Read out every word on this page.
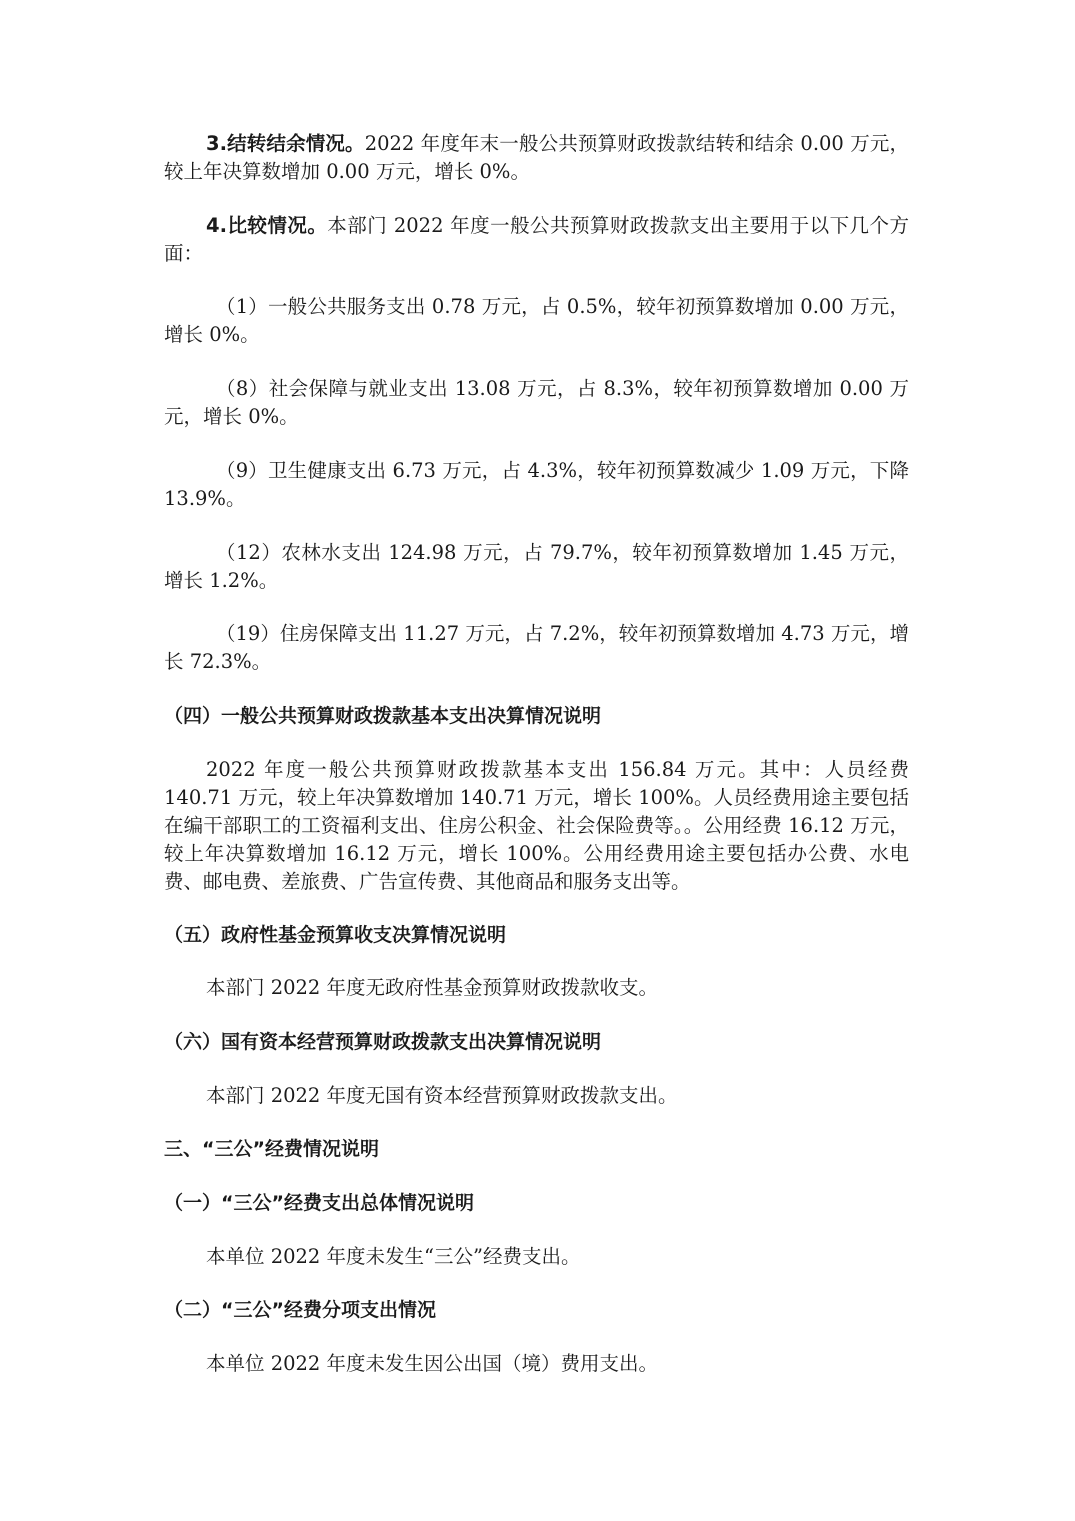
3.结转结余情况。2022 年度年末一般公共预算财政拨款结转和结余 0.00 万元，较上年决算数增加 0.00 万元，增长 0%。

4.比较情况。本部门 2022 年度一般公共预算财政拨款支出主要用于以下几个方面：

（1）一般公共服务支出 0.78 万元，占 0.5%，较年初预算数增加 0.00 万元，增长 0%。

（8）社会保障与就业支出 13.08 万元，占 8.3%，较年初预算数增加 0.00 万元，增长 0%。

（9）卫生健康支出 6.73 万元，占 4.3%，较年初预算数减少 1.09 万元，下降 13.9%。

（12）农林水支出 124.98 万元，占 79.7%，较年初预算数增加 1.45 万元，增长 1.2%。

（19）住房保障支出 11.27 万元，占 7.2%，较年初预算数增加 4.73 万元，增长 72.3%。

（四）一般公共预算财政拨款基本支出决算情况说明

2022 年度一般公共预算财政拨款基本支出 156.84 万元。其中：人员经费 140.71 万元，较上年决算数增加 140.71 万元，增长 100%。人员经费用途主要包括在编干部职工的工资福利支出、住房公积金、社会保险费等。。公用经费 16.12 万元，较上年决算数增加 16.12 万元，增长 100%。公用经费用途主要包括办公费、水电费、邮电费、差旅费、广告宣传费、其他商品和服务支出等。

（五）政府性基金预算收支决算情况说明

本部门 2022 年度无政府性基金预算财政拨款收支。

（六）国有资本经营预算财政拨款支出决算情况说明

本部门 2022 年度无国有资本经营预算财政拨款支出。

三、“三公”经费情况说明

（一）“三公”经费支出总体情况说明

本单位 2022 年度未发生“三公”经费支出。

（二）“三公”经费分项支出情况

本单位 2022 年度未发生因公出国（境）费用支出。
